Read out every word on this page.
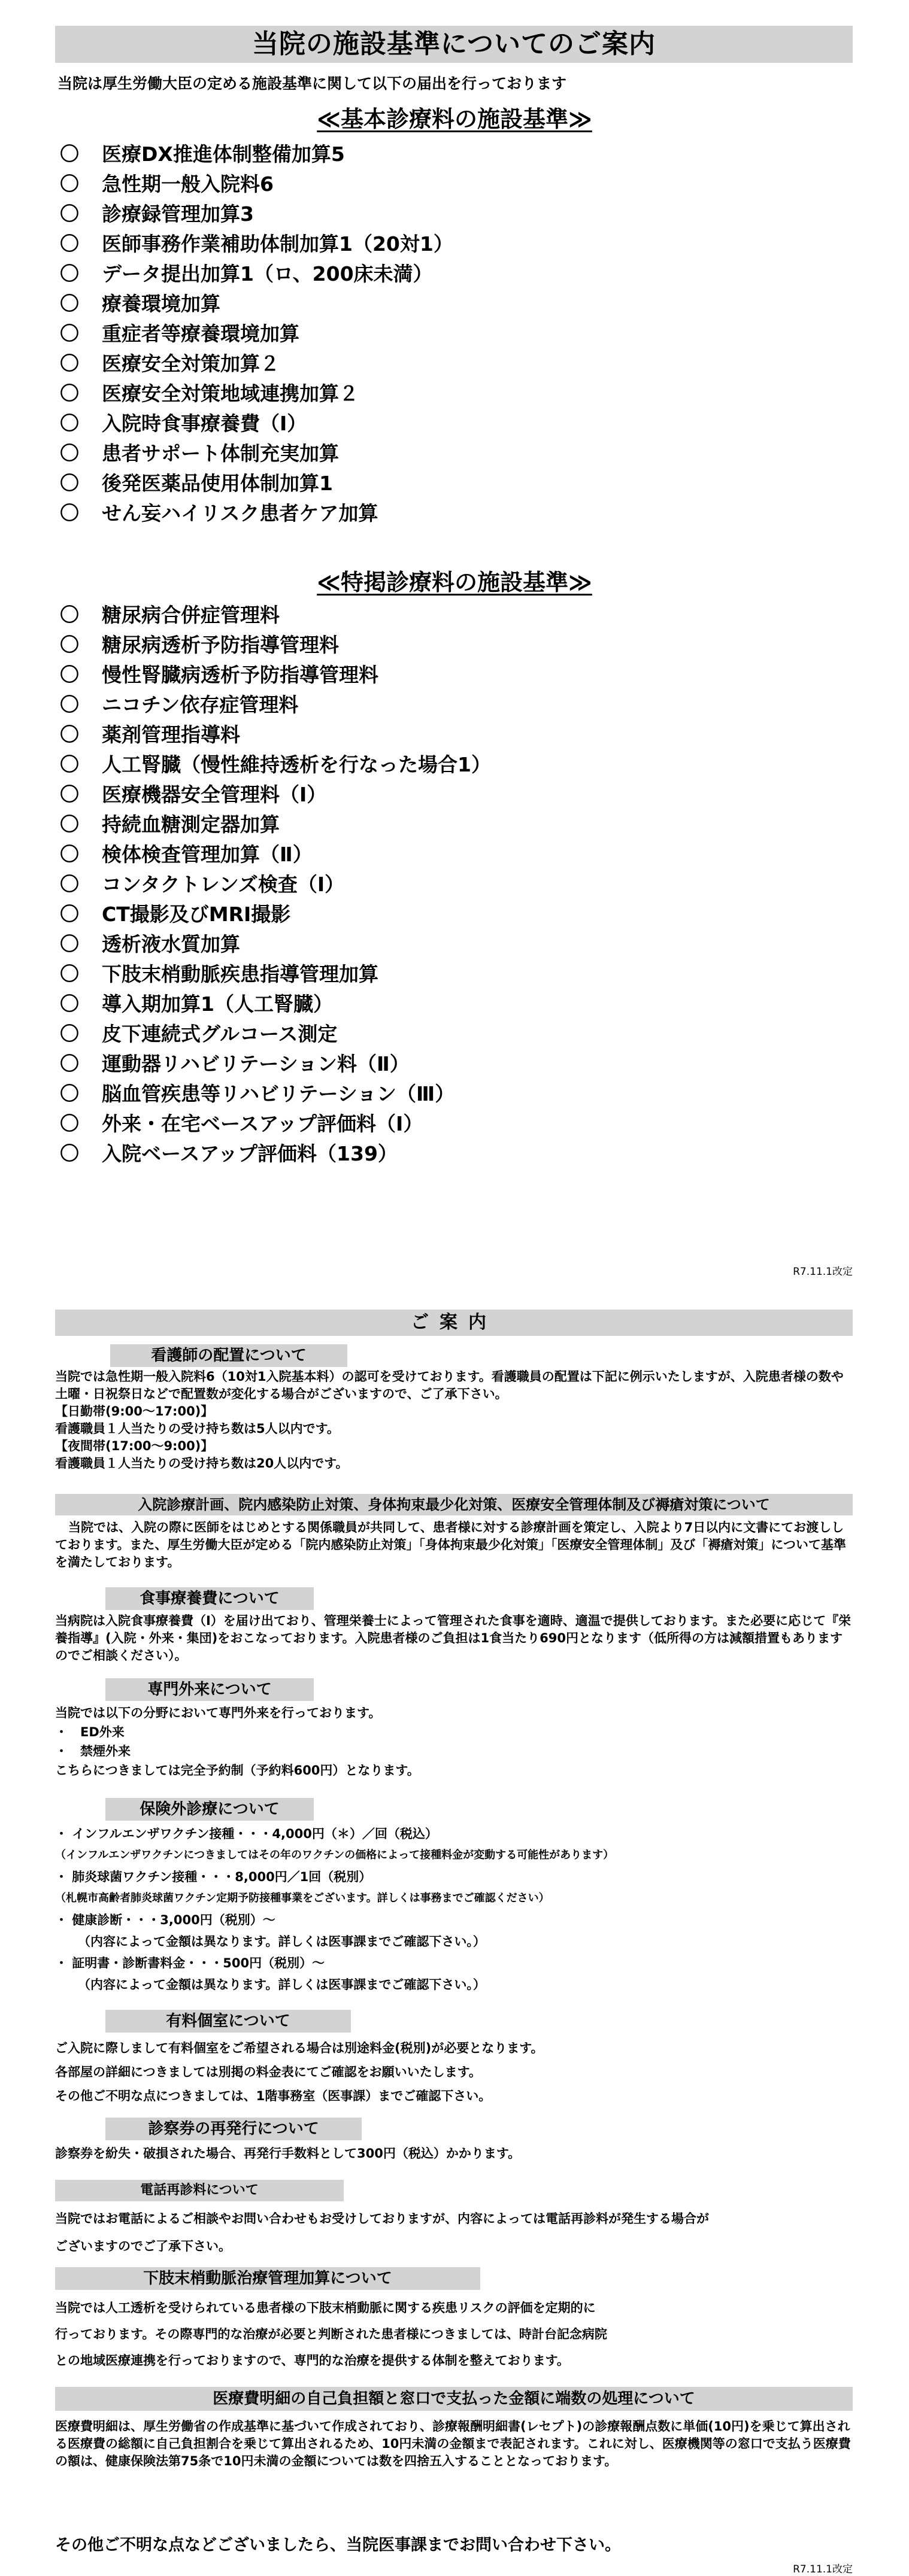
当院の施設基準についてのご案内
当院は厚生労働大臣の定める施設基準に関して以下の届出を行っております
≪基本診療料の施設基準≫
〇	医療DX推進体制整備加算5
〇	急性期一般入院料6
〇	診療録管理加算3
〇	医師事務作業補助体制加算1（20対1）
〇	データ提出加算1（ロ、200床未満）
〇	療養環境加算
〇	重症者等療養環境加算
〇	医療安全対策加算２
〇	医療安全対策地域連携加算２
〇	入院時食事療養費（Ⅰ）
〇	患者サポート体制充実加算
〇	後発医薬品使用体制加算1
〇	せん妄ハイリスク患者ケア加算
≪特掲診療料の施設基準≫
〇	糖尿病合併症管理料
〇	糖尿病透析予防指導管理料
〇	慢性腎臓病透析予防指導管理料
〇	ニコチン依存症管理料
〇	薬剤管理指導料
〇	人工腎臓（慢性維持透析を行なった場合1）
〇	医療機器安全管理料（Ⅰ）
〇	持続血糖測定器加算
〇	検体検査管理加算（Ⅱ）
〇	コンタクトレンズ検査（Ⅰ）
〇	CT撮影及びMRI撮影
〇	透析液水質加算
〇	下肢末梢動脈疾患指導管理加算
〇	導入期加算1（人工腎臓）
〇	皮下連続式グルコース測定
〇	運動器リハビリテーション料（Ⅱ）
〇	脳血管疾患等リハビリテーション（Ⅲ）
〇	外来・在宅ベースアップ評価料（Ⅰ）
〇	入院ベースアップ評価料（139）
R7.11.1改定
ご案内
看護師の配置について

当院では急性期一般入院料6（10対1入院基本料）の認可を受けております。看護職員の配置は下記に例示いたしますが、入院患者様の数や土曜・日祝祭日などで配置数が変化する場合がございますので、ご了承下さい。

【日勤帯(9:00～17:00)】

看護職員１人当たりの受け持ち数は5人以内です。

【夜間帯(17:00～9:00)】

看護職員１人当たりの受け持ち数は20人以内です。

入院診療計画、院内感染防止対策、身体拘束最少化対策、医療安全管理体制及び褥瘡対策について
当院では、入院の際に医師をはじめとする関係職員が共同して、患者様に対する診療計画を策定し、入院より7日以内に文書にてお渡ししております。また、厚生労働大臣が定める「院内感染防止対策」「身体拘束最少化対策」「医療安全管理体制」及び「褥瘡対策」について基準を満たしております。
食事療養費について
当病院は入院食事療養費（Ⅰ）を届け出ており、管理栄養士によって管理された食事を適時、適温で提供しております。また必要に応じて『栄養指導』(入院・外来・集団)をおこなっております。入院患者様のご負担は1食当たり690円となります（低所得の方は減額措置もありますのでご相談ください）。
専門外来について

当院では以下の分野において専門外来を行っております。

・　ED外来
・　禁煙外来

こちらにつきましては完全予約制（予約料600円）となります。

保険外診療について

・ インフルエンザワクチン接種・・・4,000円（＊）／回（税込）

（インフルエンザワクチンにつきましてはその年のワクチンの価格によって接種料金が変動する可能性があります）

・ 肺炎球菌ワクチン接種・・・8,000円／1回（税別）

（札幌市高齢者肺炎球菌ワクチン定期予防接種事業をございます。詳しくは事務までご確認ください）

・ 健康診断・・・3,000円（税別）～

（内容によって金額は異なります。詳しくは医事課までご確認下さい。）

・ 証明書・診断書料金・・・500円（税別）～

（内容によって金額は異なります。詳しくは医事課までご確認下さい。）

有料個室について

ご入院に際しまして有料個室をご希望される場合は別途料金(税別)が必要となります。

各部屋の詳細につきましては別掲の料金表にてご確認をお願いいたします。

その他ご不明な点につきましては、1階事務室（医事課）までご確認下さい。

診察券の再発行について
診察券を紛失・破損された場合、再発行手数料として300円（税込）かかります。
電話再診料について

当院ではお電話によるご相談やお問い合わせもお受けしておりますが、内容によっては電話再診料が発生する場合が

ございますのでご了承下さい。

下肢末梢動脈治療管理加算について

当院では人工透析を受けられている患者様の下肢末梢動脈に関する疾患リスクの評価を定期的に

行っております。その際専門的な治療が必要と判断された患者様につきましては、時計台記念病院

との地域医療連携を行っておりますので、専門的な治療を提供する体制を整えております。

医療費明細の自己負担額と窓口で支払った金額に端数の処理について
医療費明細は、厚生労働省の作成基準に基づいて作成されており、診療報酬明細書(レセプト)の診療報酬点数に単価(10円)を乗じて算出される医療費の総額に自己負担割合を乗じて算出されるため、10円未満の金額まで表記されます。これに対し、医療機関等の窓口で支払う医療費の額は、健康保険法第75条で10円未満の金額については数を四捨五入することとなっております。
その他ご不明な点などございましたら、当院医事課までお問い合わせ下さい。
R7.11.1改定
